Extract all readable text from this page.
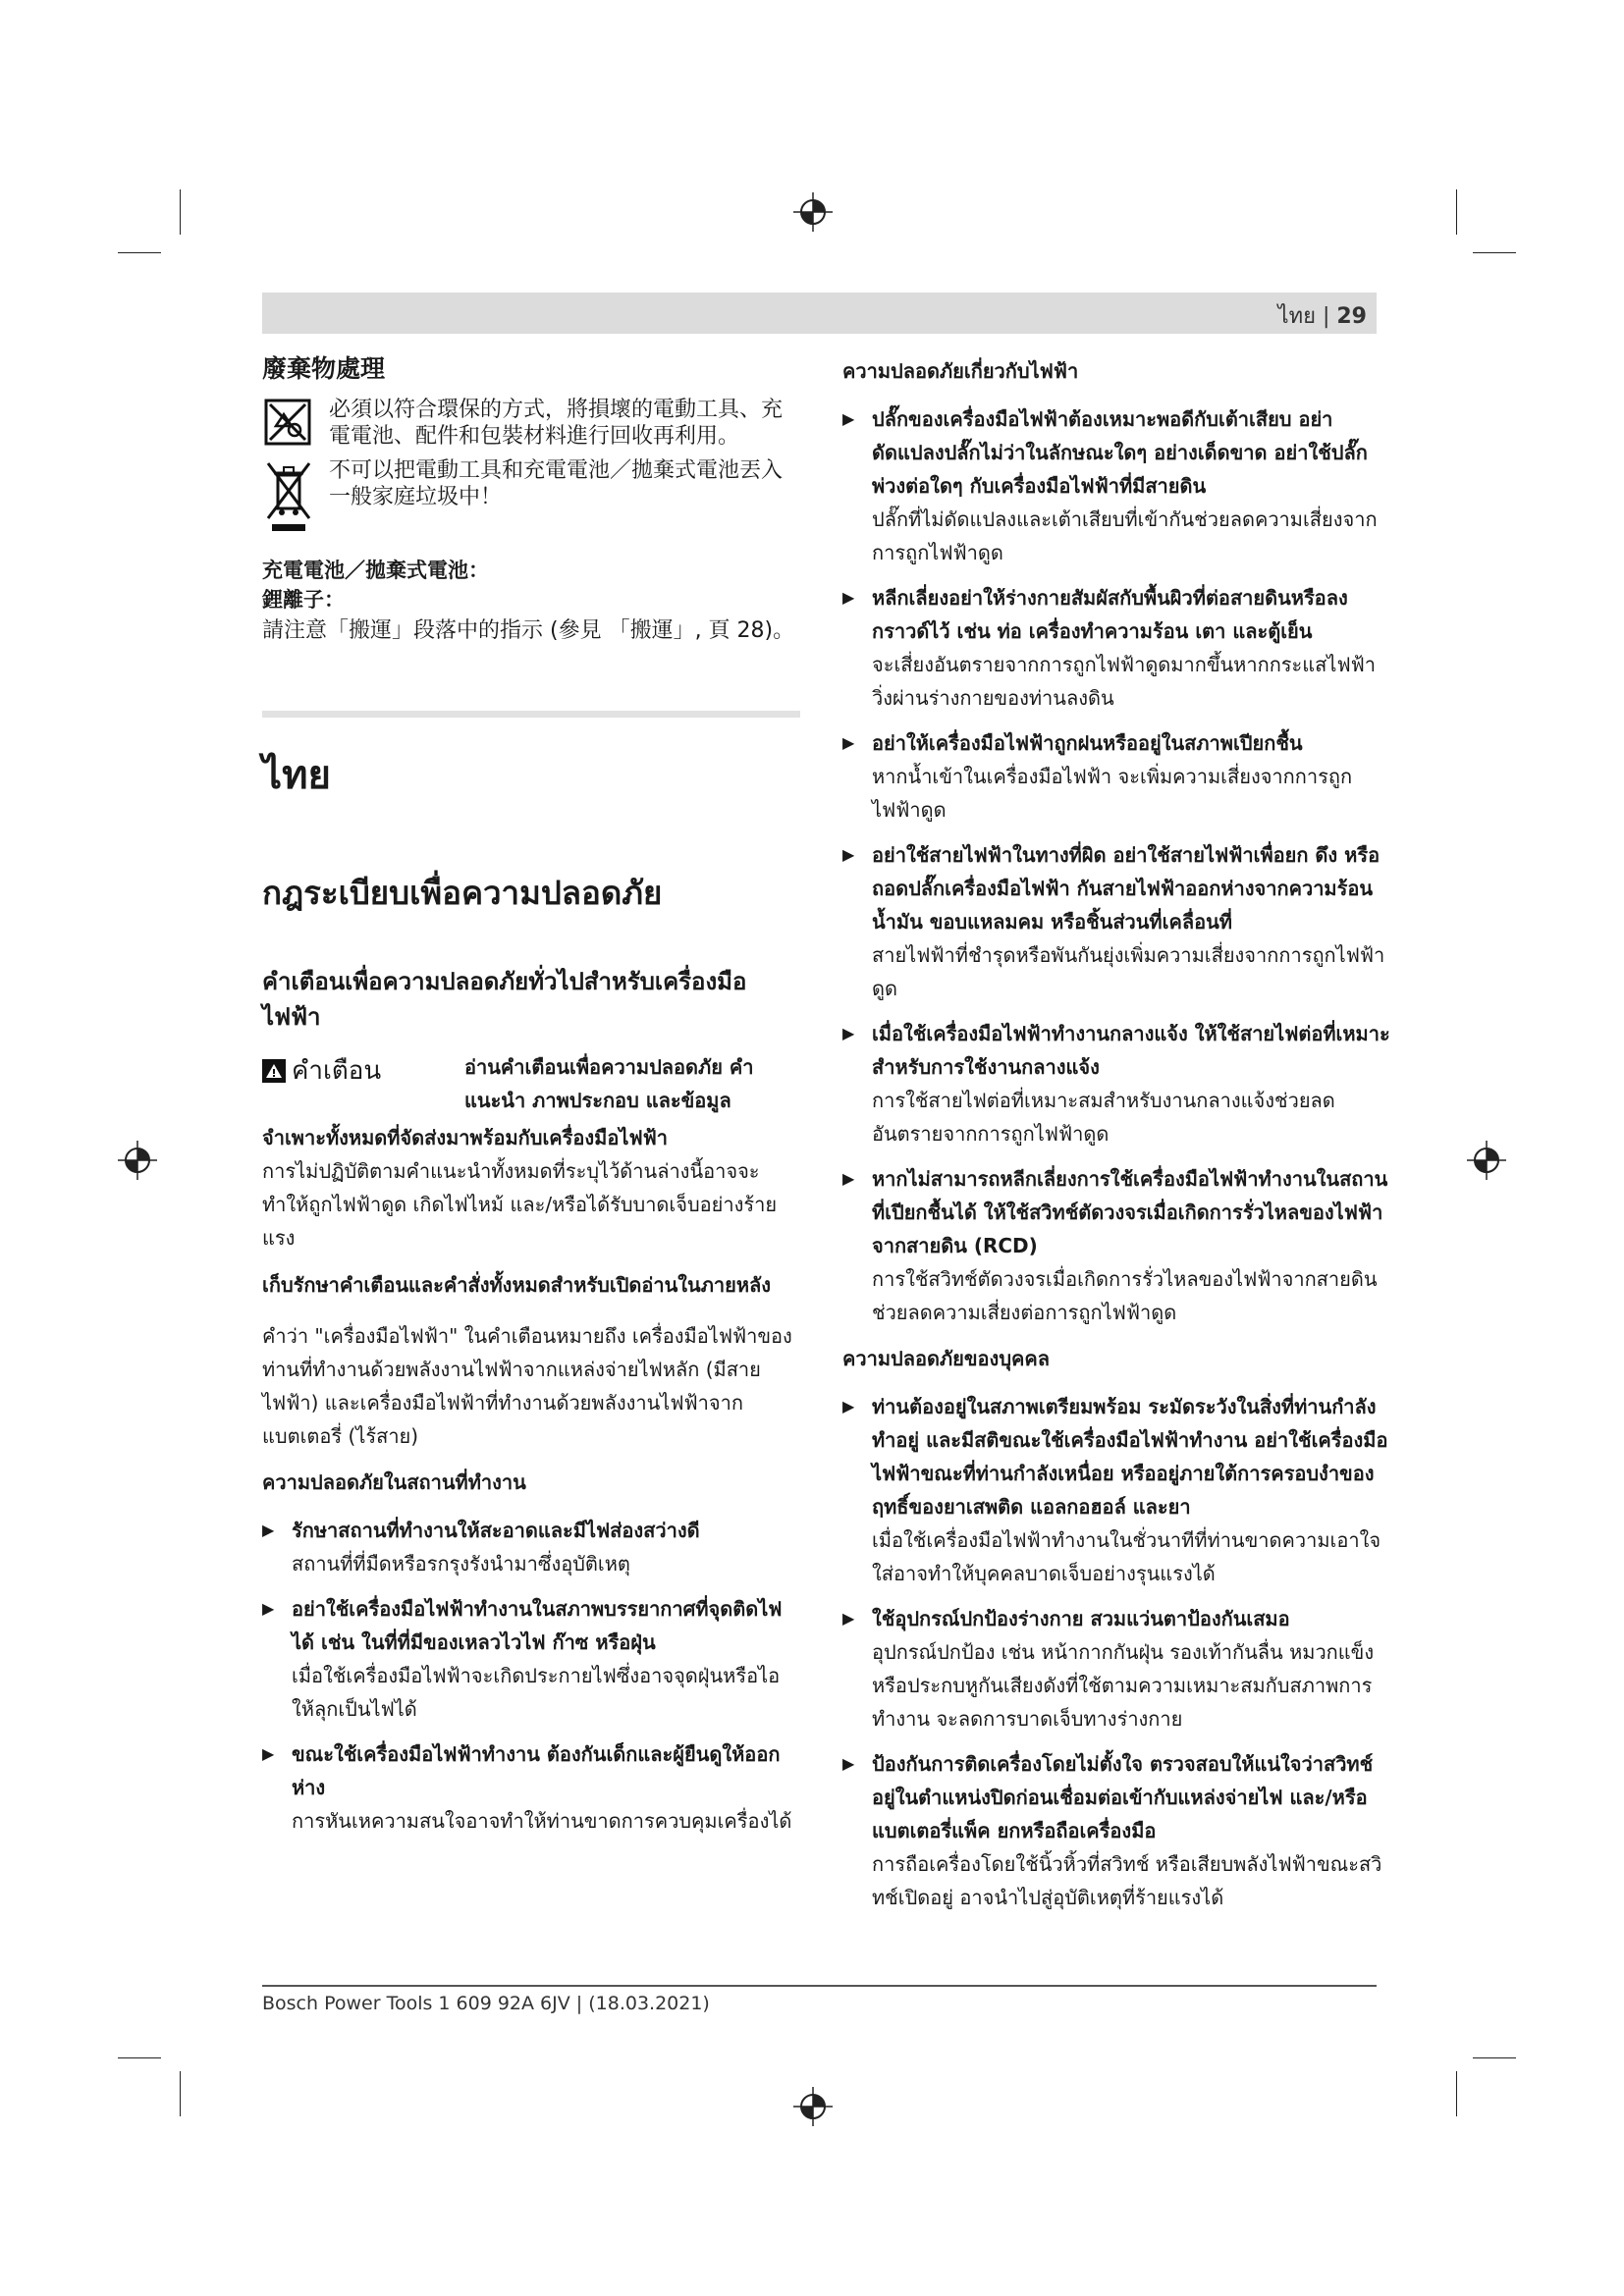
ไทย | 29
廢棄物處理

必須以符合環保的方式，將損壞的電動工具、充電電池、配件和包裝材料進行回收再利用。

不可以把電動工具和充電電池／拋棄式電池丟入一般家庭垃圾中！

充電電池／拋棄式電池：

鋰離子：

請注意「搬運」段落中的指示 (參見 「搬運」, 頁 28)。

ไทย
กฎระเบียบเพื่อความปลอดภัย
คำเตือนเพื่อความปลอดภัยทั่วไปสำหรับเครื่องมือไฟฟ้า
คำเตือน	อ่านคำเตือนเพื่อความปลอดภัย คำแนะนำ ภาพประกอบ และข้อมูล

จำเพาะทั้งหมดที่จัดส่งมาพร้อมกับเครื่องมือไฟฟ้า

การไม่ปฏิบัติตามคำแนะนำทั้งหมดที่ระบุไว้ด้านล่างนี้อาจจะทำให้ถูกไฟฟ้าดูด เกิดไฟไหม้ และ/หรือได้รับบาดเจ็บอย่างร้ายแรง

เก็บรักษาคำเตือนและคำสั่งทั้งหมดสำหรับเปิดอ่านในภายหลัง

คำว่า "เครื่องมือไฟฟ้า" ในคำเตือนหมายถึง เครื่องมือไฟฟ้าของท่านที่ทำงานด้วยพลังงานไฟฟ้าจากแหล่งจ่ายไฟหลัก (มีสายไฟฟ้า) และเครื่องมือไฟฟ้าที่ทำงานด้วยพลังงานไฟฟ้าจากแบตเตอรี่ (ไร้สาย)

ความปลอดภัยในสถานที่ทำงาน
▶ รักษาสถานที่ทำงานให้สะอาดและมีไฟส่องสว่างดี
สถานที่ที่มืดหรือรกรุงรังนำมาซึ่งอุบัติเหตุ
▶ อย่าใช้เครื่องมือไฟฟ้าทำงานในสภาพบรรยากาศที่จุดติดไฟได้ เช่น ในที่ที่มีของเหลวไวไฟ ก๊าซ หรือฝุ่น
เมื่อใช้เครื่องมือไฟฟ้าจะเกิดประกายไฟซึ่งอาจจุดฝุ่นหรือไอให้ลุกเป็นไฟได้
▶ ขณะใช้เครื่องมือไฟฟ้าทำงาน ต้องกันเด็กและผู้ยืนดูให้ออกห่าง
การหันเหความสนใจอาจทำให้ท่านขาดการควบคุมเครื่องได้
ความปลอดภัยเกี่ยวกับไฟฟ้า
▶ ปลั๊กของเครื่องมือไฟฟ้าต้องเหมาะพอดีกับเต้าเสียบ อย่าดัดแปลงปลั๊กไม่ว่าในลักษณะใดๆ อย่างเด็ดขาด อย่าใช้ปลั๊กพ่วงต่อใดๆ กับเครื่องมือไฟฟ้าที่มีสายดิน
ปลั๊กที่ไม่ดัดแปลงและเต้าเสียบที่เข้ากันช่วยลดความเสี่ยงจากการถูกไฟฟ้าดูด
▶ หลีกเลี่ยงอย่าให้ร่างกายสัมผัสกับพื้นผิวที่ต่อสายดินหรือลงกราวด์ไว้ เช่น ท่อ เครื่องทำความร้อน เตา และตู้เย็น
จะเสี่ยงอันตรายจากการถูกไฟฟ้าดูดมากขึ้นหากกระแสไฟฟ้าวิ่งผ่านร่างกายของท่านลงดิน
▶ อย่าให้เครื่องมือไฟฟ้าถูกฝนหรืออยู่ในสภาพเปียกชื้น
หากน้ำเข้าในเครื่องมือไฟฟ้า จะเพิ่มความเสี่ยงจากการถูกไฟฟ้าดูด
▶ อย่าใช้สายไฟฟ้าในทางที่ผิด อย่าใช้สายไฟฟ้าเพื่อยก ดึง หรือถอดปลั๊กเครื่องมือไฟฟ้า กันสายไฟฟ้าออกห่างจากความร้อน น้ำมัน ขอบแหลมคม หรือชิ้นส่วนที่เคลื่อนที่
สายไฟฟ้าที่ชำรุดหรือพันกันยุ่งเพิ่มความเสี่ยงจากการถูกไฟฟ้าดูด
▶ เมื่อใช้เครื่องมือไฟฟ้าทำงานกลางแจ้ง ให้ใช้สายไฟต่อที่เหมาะสำหรับการใช้งานกลางแจ้ง
การใช้สายไฟต่อที่เหมาะสมสำหรับงานกลางแจ้งช่วยลดอันตรายจากการถูกไฟฟ้าดูด
▶ หากไม่สามารถหลีกเลี่ยงการใช้เครื่องมือไฟฟ้าทำงานในสถานที่เปียกชื้นได้ ให้ใช้สวิทช์ตัดวงจรเมื่อเกิดการรั่วไหลของไฟฟ้าจากสายดิน (RCD)
การใช้สวิทช์ตัดวงจรเมื่อเกิดการรั่วไหลของไฟฟ้าจากสายดินช่วยลดความเสี่ยงต่อการถูกไฟฟ้าดูด
ความปลอดภัยของบุคคล
▶ ท่านต้องอยู่ในสภาพเตรียมพร้อม ระมัดระวังในสิ่งที่ท่านกำลังทำอยู่ และมีสติขณะใช้เครื่องมือไฟฟ้าทำงาน อย่าใช้เครื่องมือไฟฟ้าขณะที่ท่านกำลังเหนื่อย หรืออยู่ภายใต้การครอบงำของฤทธิ์ของยาเสพติด แอลกอฮอล์ และยา
เมื่อใช้เครื่องมือไฟฟ้าทำงานในชั่วนาทีที่ท่านขาดความเอาใจใส่อาจทำให้บุคคลบาดเจ็บอย่างรุนแรงได้
▶ ใช้อุปกรณ์ปกป้องร่างกาย สวมแว่นตาป้องกันเสมอ
อุปกรณ์ปกป้อง เช่น หน้ากากกันฝุ่น รองเท้ากันลื่น หมวกแข็ง หรือประกบหูกันเสียงดังที่ใช้ตามความเหมาะสมกับสภาพการทำงาน จะลดการบาดเจ็บทางร่างกาย
▶ ป้องกันการติดเครื่องโดยไม่ตั้งใจ ตรวจสอบให้แน่ใจว่าสวิทช์อยู่ในตำแหน่งปิดก่อนเชื่อมต่อเข้ากับแหล่งจ่ายไฟ และ/หรือแบตเตอรี่แพ็ค ยกหรือถือเครื่องมือ
การถือเครื่องโดยใช้นิ้วหิ้วที่สวิทช์ หรือเสียบพลังไฟฟ้าขณะสวิทช์เปิดอยู่ อาจนำไปสู่อุบัติเหตุที่ร้ายแรงได้
Bosch Power Tools 1 609 92A 6JV | (18.03.2021)
